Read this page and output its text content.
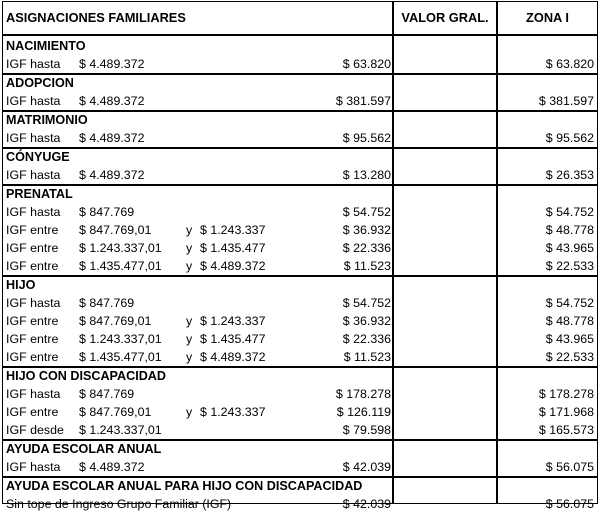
ASIGNACIONES FAMILIARES	VALOR GRAL.	ZONA I
NACIMIENTO
IGF hasta $ 4.489.372	$ 63.820	$ 63.820
ADOPCION
IGF hasta $ 4.489.372	$ 381.597	$ 381.597
MATRIMONIO
IGF hasta $ 4.489.372	$ 95.562	$ 95.562
CÓNYUGE
IGF hasta $ 4.489.372	$ 13.280	$ 26.353
PRENATAL
IGF hasta $ 847.769	$ 54.752	$ 54.752
IGF entre $ 847.769,01	y $ 1.243.337	$ 36.932	$ 48.778
IGF entre $ 1.243.337,01 y $ 1.435.477	$ 22.336	$ 43.965
IGF entre $ 1.435.477,01 y $ 4.489.372	$ 11.523	$ 22.533
HIJO
IGF hasta $ 847.769	$ 54.752	$ 54.752
IGF entre $ 847.769,01	y $ 1.243.337	$ 36.932	$ 48.778
IGF entre $ 1.243.337,01 y $ 1.435.477	$ 22.336	$ 43.965
IGF entre $ 1.435.477,01 y $ 4.489.372	$ 11.523	$ 22.533
HIJO CON DISCAPACIDAD
IGF hasta $ 847.769	$ 178.278	$ 178.278
IGF entre $ 847.769,01	y $ 1.243.337	$ 126.119	$ 171.968
IGF desde $ 1.243.337,01	$ 79.598	$ 165.573
AYUDA ESCOLAR ANUAL
IGF hasta $ 4.489.372	$ 42.039	$ 56.075
AYUDA ESCOLAR ANUAL PARA HIJO CON DISCAPACIDAD
Sin tope de Ingreso Grupo Familiar (IGF)	$ 42.039	$ 56.075
